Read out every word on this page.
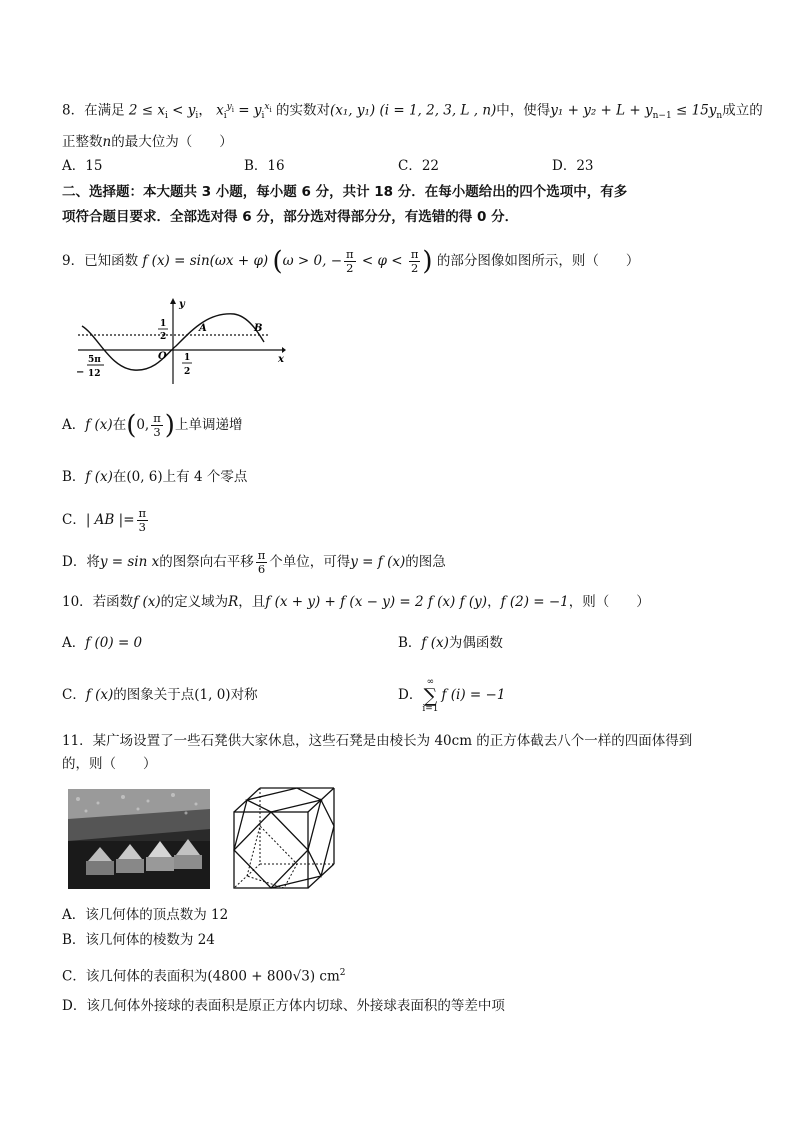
8．在满足 $2 \le x_i < y_i$， $x_i^{y_i} = y_i^{x_i}$ 的实数对(x₁, y₁) (i = 1, 2, 3, L , n)中，使得$y_1 + y_2 + L + y_{n-1} \le 15y_n$成立的
正整数n的最大位为（　　）
A．15	B．16	C．22	D．23
二、选择题：本大题共 3 小题，每小题 6 分，共计 18 分．在每小题给出的四个选项中，有多
项符合题目要求．全部选对得 6 分，部分选对得部分分，有选错的得 0 分．
9．已知函数 f (x) = sin(ωx + φ) (ω > 0, − $\frac{\pi}{2} < \varphi < \frac{\pi}{2}$ ) 的部分图像如图所示，则（　　）
y
x
O
1
2
−
5π
12
1
2
A	B
A．f (x)在(0, $\frac{\pi}{3}$ )上单调递增
B．f (x)在(0, 6)上有 4 个零点
C．| AB |= $\frac{\pi}{3}$
D．将y = sin x的图祭向右平移 $\frac{\pi}{6}$ 个单位，可得y = f (x)的图急
10．若函数f (x)的定义域为R，且f (x + y) + f (x − y) = 2 f (x) f (y)，f (2) = −1，则（　　）
A．f (0) = 0	B．f (x)为偶函数
C．f (x)的图象关于点(1, 0)对称	D．
∞
∑
i=1
f (i) = −1
11．某广场设置了一些石凳供大家休息，这些石凳是由棱长为 40cm 的正方体截去八个一样的四面体得到
的，则（　　）
A．该几何体的顶点数为 12
B．该几何体的棱数为 24
C．该几何体的表面积为(4800 + 800√3) $cm^2$
D．该几何体外接球的表面积是原正方体内切球、外接球表面积的等差中项
